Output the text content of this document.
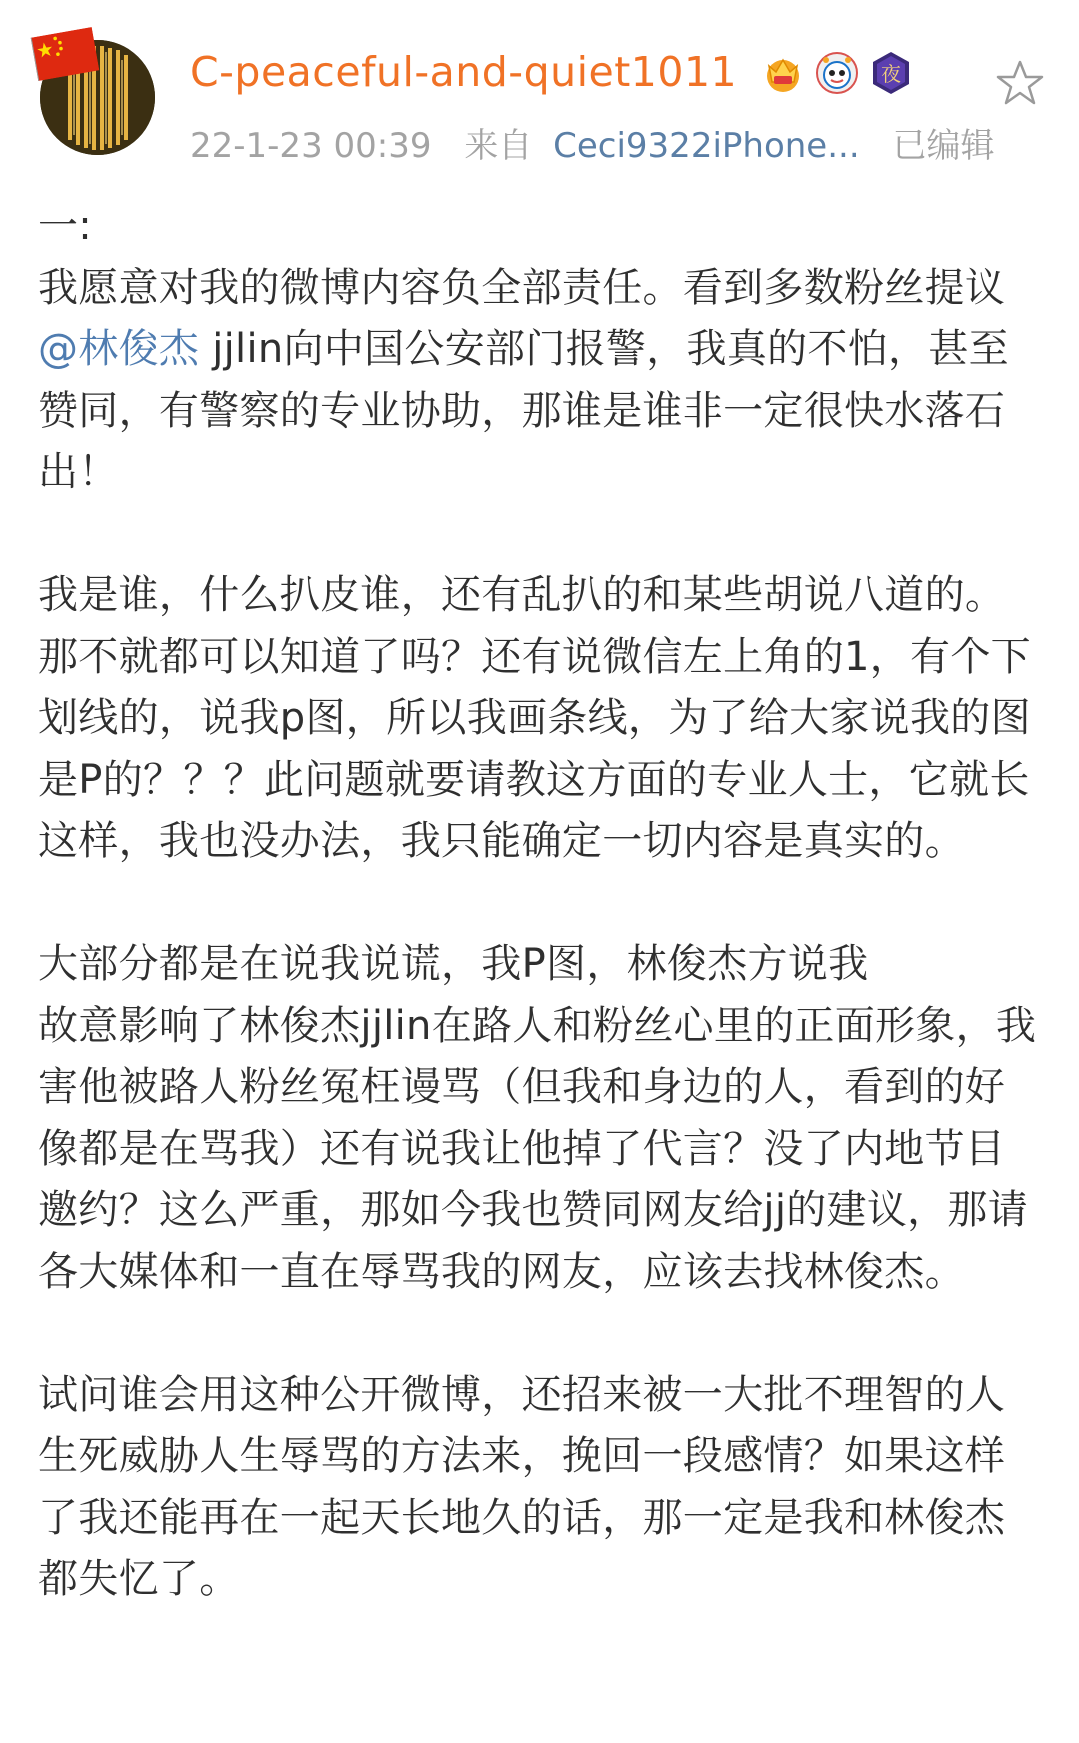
C-peaceful-and-quiet1011	夜
22-1-23 00:39 来自 Ceci9322iPhone... 已编辑
一:

我愿意对我的微博内容负全部责任。看到多数粉丝提议@林俊杰 jjlin向中国公安部门报警，我真的不怕，甚至赞同，有警察的专业协助，那谁是谁非一定很快水落石出！

我是谁，什么扒皮谁，还有乱扒的和某些胡说八道的。那不就都可以知道了吗？还有说微信左上角的1，有个下划线的，说我p图，所以我画条线，为了给大家说我的图是P的？？？此问题就要请教这方面的专业人士，它就长这样，我也没办法，我只能确定一切内容是真实的。

大部分都是在说我说谎，我P图，林俊杰方说我
故意影响了林俊杰jjlin在路人和粉丝心里的正面形象，我害他被路人粉丝冤枉谩骂（但我和身边的人，看到的好像都是在骂我）还有说我让他掉了代言？没了内地节目邀约？这么严重，那如今我也赞同网友给jj的建议，那请各大媒体和一直在辱骂我的网友，应该去找林俊杰。

试问谁会用这种公开微博，还招来被一大批不理智的人生死威胁人生辱骂的方法来，挽回一段感情？如果这样了我还能再在一起天长地久的话，那一定是我和林俊杰都失忆了。
